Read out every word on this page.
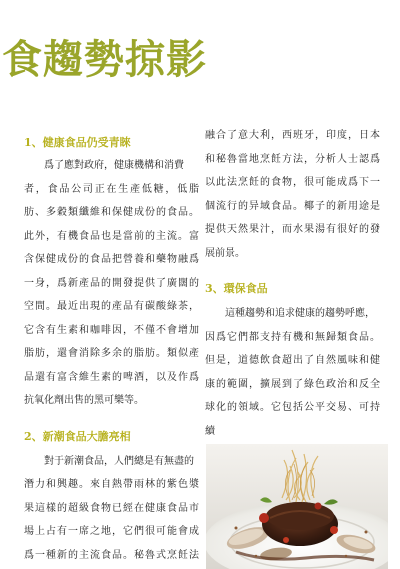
食趨勢掠影
1、健康食品仍受青睞
爲了應對政府，健康機構和消費
者，食品公司正在生產低糖，低脂
肪、多穀類纖維和保健成份的食品。
此外，有機食品也是當前的主流。富
含保健成份的食品把營養和藥物融爲
一身，爲新產品的開發提供了廣闊的
空間。最近出現的產品有碳酸綠茶，
它含有生素和咖啡因，不僅不會增加
脂肪，還會消除多余的脂肪。類似產
品還有富含維生素的啤酒，以及作爲
抗氧化劑出售的黑可樂等。
2、新潮食品大膽亮相
對于新潮食品，人們總是有無盡的
潛力和興趣。來自熱帶雨林的紫色漿
果這樣的超級食物已經在健康食品市
場上占有一席之地，它們很可能會成
爲一種新的主流食品。秘魯式烹飪法
融合了意大利，西班牙，印度，日本
和秘魯當地烹飪方法，分析人士認爲
以此法烹飪的食物，很可能成爲下一
個流行的异域食品。椰子的新用途是
提供天然果汁，而水果湯有很好的發
展前景。
3、環保食品
這種趨勢和追求健康的趨勢呼應，
因爲它們都支持有機和無歸類食品。
但是，道德飲食超出了自然風味和健
康的範圍，擴展到了綠色政治和反全
球化的領域。它包括公平交易、可持
續
